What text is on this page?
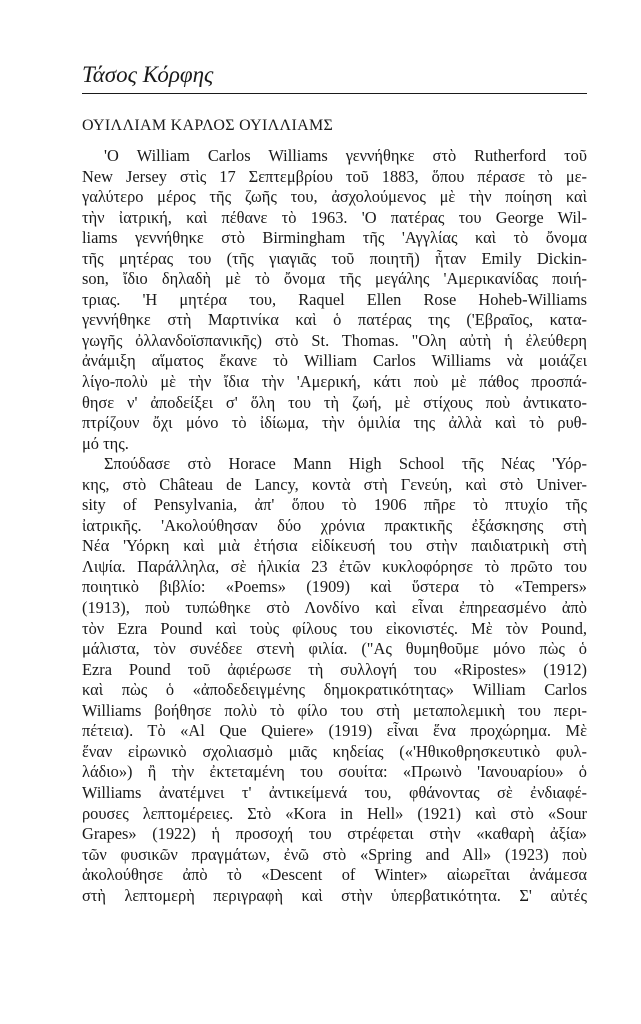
Τάσος Κόρφης
ΟΥΙΛΛΙΑΜ ΚΑΡΛΟΣ ΟΥΙΛΛΙΑΜΣ
'Ο William Carlos Williams γεννήθηκε στὸ Rutherford τοῦ
New Jersey στὶς 17 Σεπτεμβρίου τοῦ 1883, ὅπου πέρασε τὸ με-
γαλύτερο μέρος τῆς ζωῆς του, ἀσχολούμενος μὲ τὴν ποίηση καὶ
τὴν ἰατρική, καὶ πέθανε τὸ 1963. 'Ο πατέρας του George Wil-
liams γεννήθηκε στὸ Birmingham τῆς 'Αγγλίας καὶ τὸ ὄνομα
τῆς μητέρας του (τῆς γιαγιᾶς τοῦ ποιητῆ) ἦταν Emily Dickin-
son, ἴδιο δηλαδὴ μὲ τὸ ὄνομα τῆς μεγάλης 'Αμερικανίδας ποιή-
τριας. 'Η μητέρα του, Raquel Ellen Rose Hoheb-Williams
γεννήθηκε στὴ Μαρτινίκα καὶ ὁ πατέρας της ('Εβραῖος, κατα-
γωγῆς ὀλλανδοϊσπανικῆς) στὸ St. Thomas. "Ολη αὐτὴ ἡ ἐλεύθερη
ἀνάμιξη αἵματος ἔκανε τὸ William Carlos Williams νὰ μοιάζει
λίγο-πολὺ μὲ τὴν ἴδια τὴν 'Αμερική, κάτι ποὺ μὲ πάθος προσπά-
θησε ν' ἀποδείξει σ' ὅλη του τὴ ζωή, μὲ στίχους ποὺ ἀντικατο-
πτρίζουν ὄχι μόνο τὸ ἰδίωμα, τὴν ὁμιλία της ἀλλὰ καὶ τὸ ρυθ-
μό της.
Σπούδασε στὸ Horace Mann High School τῆς Νέας 'Υόρ-
κης, στὸ Château de Lancy, κοντὰ στὴ Γενεύη, καὶ στὸ Univer-
sity of Pensylvania, ἀπ' ὅπου τὸ 1906 πῆρε τὸ πτυχίο τῆς
ἰατρικῆς. 'Ακολούθησαν δύο χρόνια πρακτικῆς ἐξάσκησης στὴ
Νέα 'Υόρκη καὶ μιὰ ἐτήσια εἰδίκευσή του στὴν παιδιατρικὴ στὴ
Λιψία. Παράλληλα, σὲ ἡλικία 23 ἐτῶν κυκλοφόρησε τὸ πρῶτο του
ποιητικὸ βιβλίο: «Poems» (1909) καὶ ὕστερα τὸ «Tempers»
(1913), ποὺ τυπώθηκε στὸ Λονδίνο καὶ εἶναι ἐπηρεασμένο ἀπὸ
τὸν Ezra Pound καὶ τοὺς φίλους του εἰκονιστές. Μὲ τὸν Pound,
μάλιστα, τὸν συνέδεε στενὴ φιλία. ("Ας θυμηθοῦμε μόνο πὼς ὁ
Ezra Pound τοῦ ἀφιέρωσε τὴ συλλογή του «Ripostes» (1912)
καὶ πὼς ὁ «ἀποδεδειγμένης δημοκρατικότητας» William Carlos
Williams βοήθησε πολὺ τὸ φίλο του στὴ μεταπολεμικὴ του περι-
πέτεια). Τὸ «Al Que Quiere» (1919) εἶναι ἕνα προχώρημα. Μὲ
ἕναν εἰρωνικὸ σχολιασμὸ μιᾶς κηδείας («'Ηθικοθρησκευτικὸ φυλ-
λάδιο») ἢ τὴν ἐκτεταμένη του σουίτα: «Πρωινὸ 'Ιανουαρίου» ὁ
Williams ἀνατέμνει τ' ἀντικείμενά του, φθάνοντας σὲ ἐνδιαφέ-
ρουσες λεπτομέρειες. Στὸ «Kora in Hell» (1921) καὶ στὸ «Sour
Grapes» (1922) ἡ προσοχή του στρέφεται στὴν «καθαρὴ ἀξία»
τῶν φυσικῶν πραγμάτων, ἐνῶ στὸ «Spring and All» (1923) ποὺ
ἀκολούθησε ἀπὸ τὸ «Descent of Winter» αἰωρεῖται ἀνάμεσα
στὴ λεπτομερὴ περιγραφὴ καὶ στὴν ὑπερβατικότητα. Σ' αὐτές
